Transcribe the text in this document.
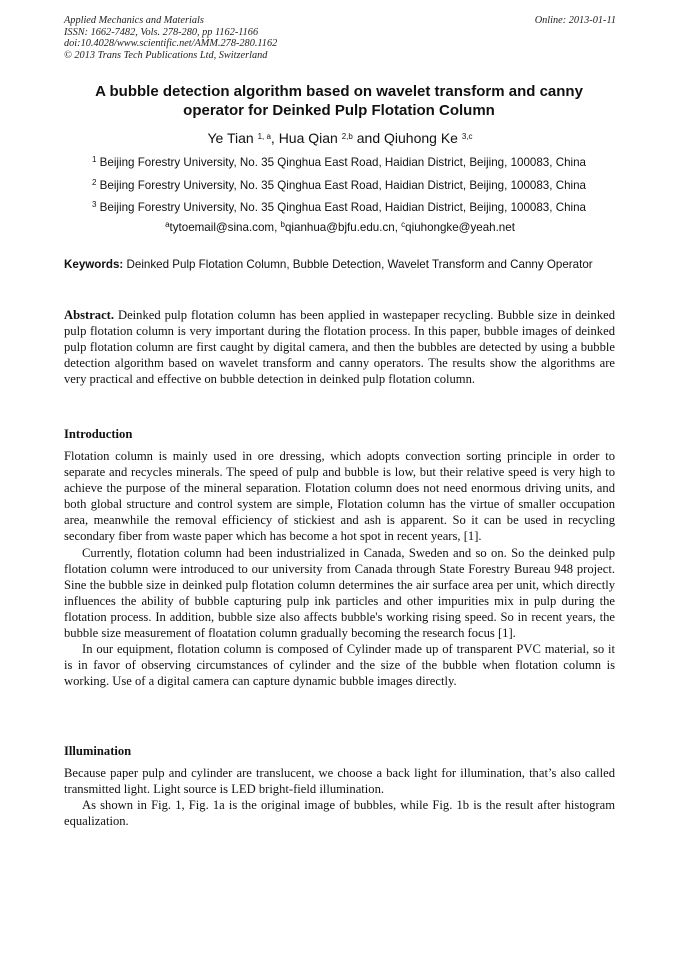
Applied Mechanics and Materials	Online: 2013-01-11
ISSN: 1662-7482, Vols. 278-280, pp 1162-1166
doi:10.4028/www.scientific.net/AMM.278-280.1162
© 2013 Trans Tech Publications Ltd, Switzerland
A bubble detection algorithm based on wavelet transform and canny
operator for Deinked Pulp Flotation Column
Ye Tian $^{1, a}$, Hua Qian $^{2,b}$ and Qiuhong Ke $^{3,c}$
$^1$ Beijing Forestry University, No. 35 Qinghua East Road, Haidian District, Beijing, 100083, China
$^2$ Beijing Forestry University, No. 35 Qinghua East Road, Haidian District, Beijing, 100083, China
$^3$ Beijing Forestry University, No. 35 Qinghua East Road, Haidian District, Beijing, 100083, China
$^a$tytoemail@sina.com, $^b$qianhua@bjfu.edu.cn, $^c$qiuhongke@yeah.net
Keywords: Deinked Pulp Flotation Column, Bubble Detection, Wavelet Transform and Canny Operator

Abstract. Deinked pulp flotation column has been applied in wastepaper recycling. Bubble size in deinked pulp flotation column is very important during the flotation process. In this paper, bubble images of deinked pulp flotation column are first caught by digital camera, and then the bubbles are detected by using a bubble detection algorithm based on wavelet transform and canny operators. The results show the algorithms are very practical and effective on bubble detection in deinked pulp flotation column.

Introduction

Flotation column is mainly used in ore dressing, which adopts convection sorting principle in order to separate and recycles minerals. The speed of pulp and bubble is low, but their relative speed is very high to achieve the purpose of the mineral separation. Flotation column does not need enormous driving units, and both global structure and control system are simple, Flotation column has the virtue of smaller occupation area, meanwhile the removal efficiency of stickiest and ash is apparent. So it can be used in recycling secondary fiber from waste paper which has become a hot spot in recent years, [1].

Currently, flotation column had been industrialized in Canada, Sweden and so on. So the deinked pulp flotation column were introduced to our university from Canada through State Forestry Bureau 948 project. Sine the bubble size in deinked pulp flotation column determines the air surface area per unit, which directly influences the ability of bubble capturing pulp ink particles and other impurities mix in pulp during the flotation process. In addition, bubble size also affects bubble's working rising speed. So in recent years, the bubble size measurement of floatation column gradually becoming the research focus [1].

In our equipment, flotation column is composed of Cylinder made up of transparent PVC material, so it is in favor of observing circumstances of cylinder and the size of the bubble when flotation column is working. Use of a digital camera can capture dynamic bubble images directly.

Illumination

Because paper pulp and cylinder are translucent, we choose a back light for illumination, that’s also called transmitted light. Light source is LED bright-field illumination.

As shown in Fig. 1, Fig. 1a is the original image of bubbles, while Fig. 1b is the result after histogram equalization.
